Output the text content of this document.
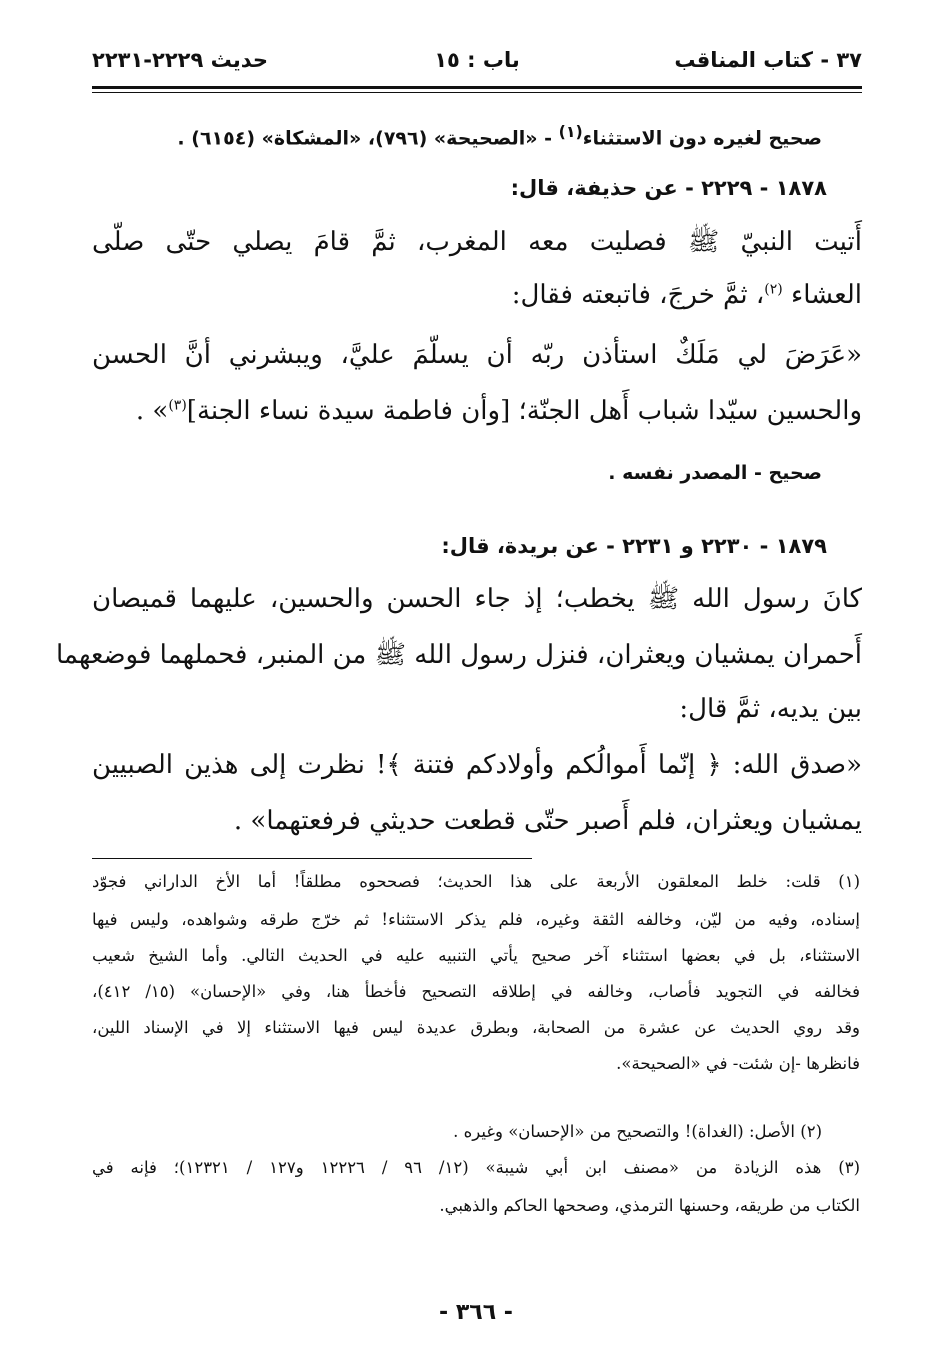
٣٧ - كتاب المناقب
باب : ١٥
حديث ٢٢٢٩-٢٢٣١
صحيح لغيره دون الاستثناء$^{(١)}$ - «الصحيحة» (٧٩٦)، «المشكاة» (٦١٥٤) .
١٨٧٨ - ٢٢٢٩ - عن حذيفة، قال:
أَتيت النبيّ ﷺ فصليت معه المغرب، ثمَّ قامَ يصلي حتّى صلّى
العشاء $^{(٢)}$، ثمَّ خرجَ، فاتبعته فقال:
«عَرَضَ لي مَلَكٌ استأذن ربّه أن يسلّمَ عليَّ، ويبشرني أنَّ الحسن
والحسين سيّدا شباب أَهل الجنّة؛ [وأن فاطمة سيدة نساء الجنة]$^{(٣)}$» .
صحيح - المصدر نفسه .
١٨٧٩ - ٢٢٣٠ و ٢٢٣١ - عن بريدة، قال:
كانَ رسول الله ﷺ يخطب؛ إذ جاء الحسن والحسين، عليهما قميصان
أَحمران يمشيان ويعثران، فنزل رسول الله ﷺ من المنبر، فحملهما فوضعهما
بين يديه، ثمَّ قال:
«صدق الله: ﴿ إنّما أَموالُكم وأولادكم فتنة ﴾! نظرت إلى هذين الصبيين
يمشيان ويعثران، فلم أَصبر حتّى قطعت حديثي فرفعتهما» .
(١) قلت: خلط المعلقون الأربعة على هذا الحديث؛ فصححوه مطلقاً! أما الأخ الداراني فجوّد
إسناده، وفيه من ليّن، وخالفه الثقة وغيره، فلم يذكر الاستثناء! ثم خرّج طرقه وشواهده، وليس فيها
الاستثناء، بل في بعضها استثناء آخر صحيح يأتي التنبيه عليه في الحديث التالي. وأما الشيخ شعيب
فخالفه في التجويد فأصاب، وخالفه في إطلاقه التصحيح فأخطأ هنا، وفي «الإحسان» (١٥/ ٤١٢)،
وقد روي الحديث عن عشرة من الصحابة، وبطرق عديدة ليس فيها الاستثناء إلا في الإسناد اللين،
فانظرها -إن شئت- في «الصحيحة».
(٢) الأصل: (الغداة)! والتصحيح من «الإحسان» وغيره .
(٣) هذه الزيادة من «مصنف ابن أبي شيبة» (١٢/ ٩٦ / ١٢٢٢٦ و١٢٧ / ١٢٣٢١)؛ فإنه في
الكتاب من طريقه، وحسنها الترمذي، وصححها الحاكم والذهبي.
- ٣٦٦ -
